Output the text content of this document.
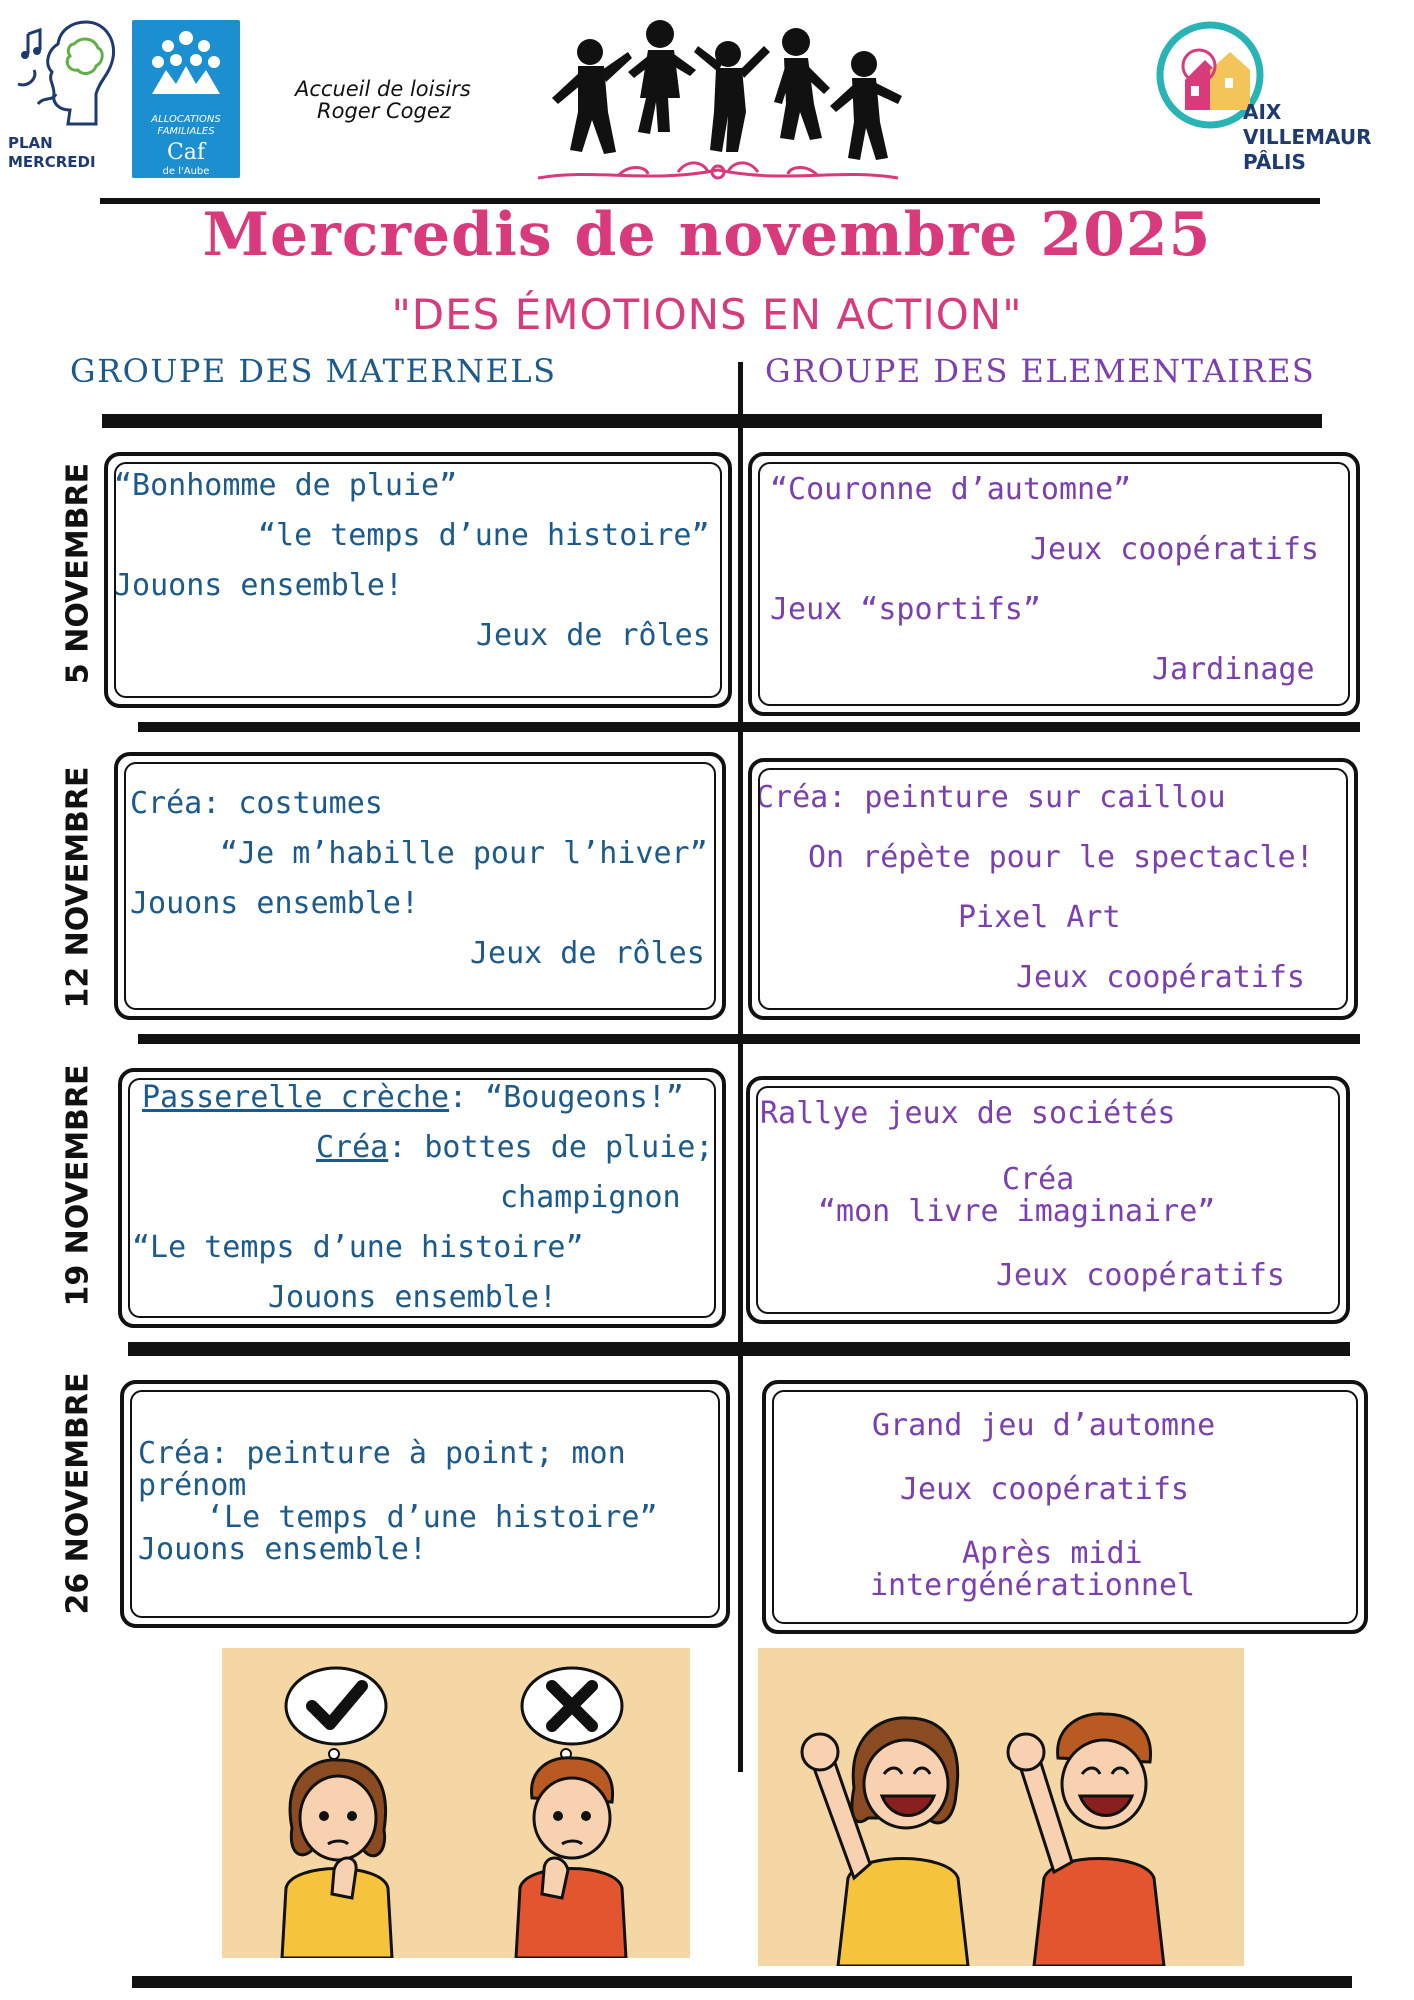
PLAN
MERCREDI
ALLOCATIONS
FAMILIALES
Caf
de l'Aube
Accueil de loisirs
Roger Cogez	AIX
VILLEMAUR
PÂLIS
Mercredis de novembre 2025
"DES ÉMOTIONS EN ACTION"
GROUPE DES MATERNELS	GROUPE DES ELEMENTAIRES
5 NOVEMBRE
12 NOVEMBRE
19 NOVEMBRE
26 NOVEMBRE
“Bonhomme de pluie”
“le temps d’une histoire”
Jouons ensemble!
Jeux de rôles
“Couronne d’automne”
Jeux coopératifs
Jeux “sportifs”
Jardinage
Créa: costumes
“Je m’habille pour l’hiver”
Jouons ensemble!
Jeux de rôles
Créa: peinture sur caillou
On répète pour le spectacle!
Pixel Art
Jeux coopératifs
Passerelle crèche: “Bougeons!”
Créa: bottes de pluie;
champignon
“Le temps d’une histoire”
Jouons ensemble!
Rallye jeux de sociétés
Créa
“mon livre imaginaire”
Jeux coopératifs
Créa: peinture à point; mon
prénom
‘Le temps d’une histoire”
Jouons ensemble!
Grand jeu d’automne
Jeux coopératifs
Après midi
intergénérationnel
